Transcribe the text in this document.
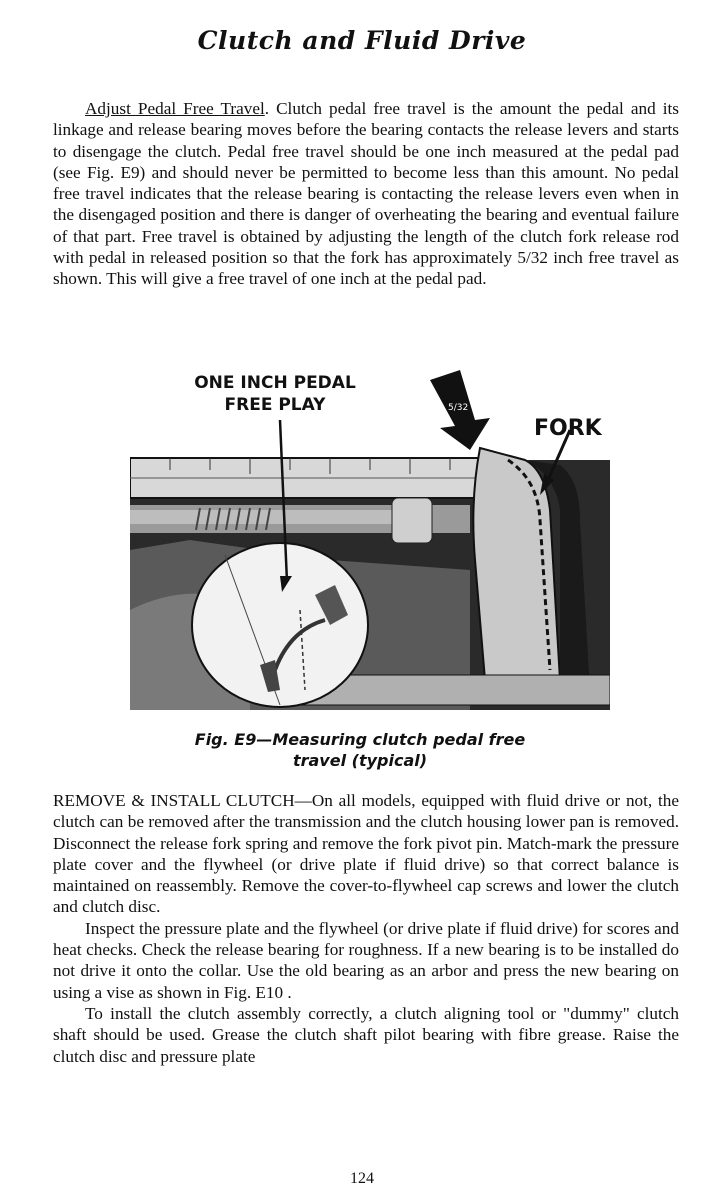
Clutch and Fluid Drive
Adjust Pedal Free Travel. Clutch pedal free travel is the amount the pedal and its linkage and release bearing moves before the bearing contacts the release levers and starts to disengage the clutch. Pedal free travel should be one inch measured at the pedal pad (see Fig. E9) and should never be permitted to become less than this amount. No pedal free travel indicates that the release bearing is contacting the release levers even when in the disengaged position and there is danger of overheating the bearing and eventual failure of that part. Free travel is obtained by adjusting the length of the clutch fork release rod with pedal in released position so that the fork has approximately 5/32 inch free travel as shown. This will give a free travel of one inch at the pedal pad.
5/32
ONE INCH PEDAL
FREE PLAY
FORK
Fig. E9—Measuring clutch pedal free
travel (typical)
REMOVE & INSTALL CLUTCH—On all models, equipped with fluid drive or not, the clutch can be removed after the transmission and the clutch housing lower pan is removed. Disconnect the release fork spring and remove the fork pivot pin. Match-mark the pressure plate cover and the flywheel (or drive plate if fluid drive) so that correct balance is maintained on reassembly. Remove the cover-to-flywheel cap screws and lower the clutch and clutch disc.
Inspect the pressure plate and the flywheel (or drive plate if fluid drive) for scores and heat checks. Check the release bearing for roughness. If a new bearing is to be installed do not drive it onto the collar. Use the old bearing as an arbor and press the new bearing on using a vise as shown in Fig. E10 .
To install the clutch assembly correctly, a clutch aligning tool or "dummy" clutch shaft should be used. Grease the clutch shaft pilot bearing with fibre grease. Raise the clutch disc and pressure plate
124
